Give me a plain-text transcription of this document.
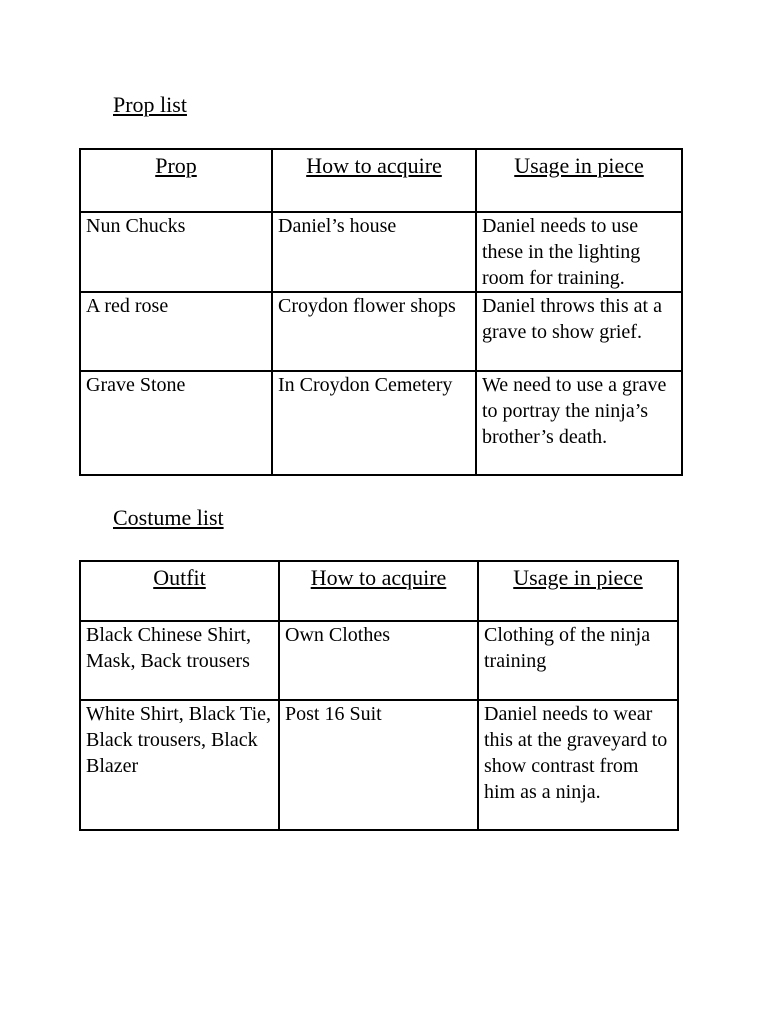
Prop list
Prop	How to acquire	Usage in piece
Nun Chucks	Daniel’s house	Daniel needs to use these in the lighting room for training.
A red rose	Croydon flower shops	Daniel throws this at a grave to show grief.
Grave Stone	In Croydon Cemetery	We need to use a grave to portray the ninja’s brother’s death.
Costume list
Outfit	How to acquire	Usage in piece
Black Chinese Shirt, Mask, Back trousers	Own Clothes	Clothing of the ninja training
White Shirt, Black Tie, Black trousers, Black Blazer	Post 16 Suit	Daniel needs to wear this at the graveyard to show contrast from him as a ninja.
